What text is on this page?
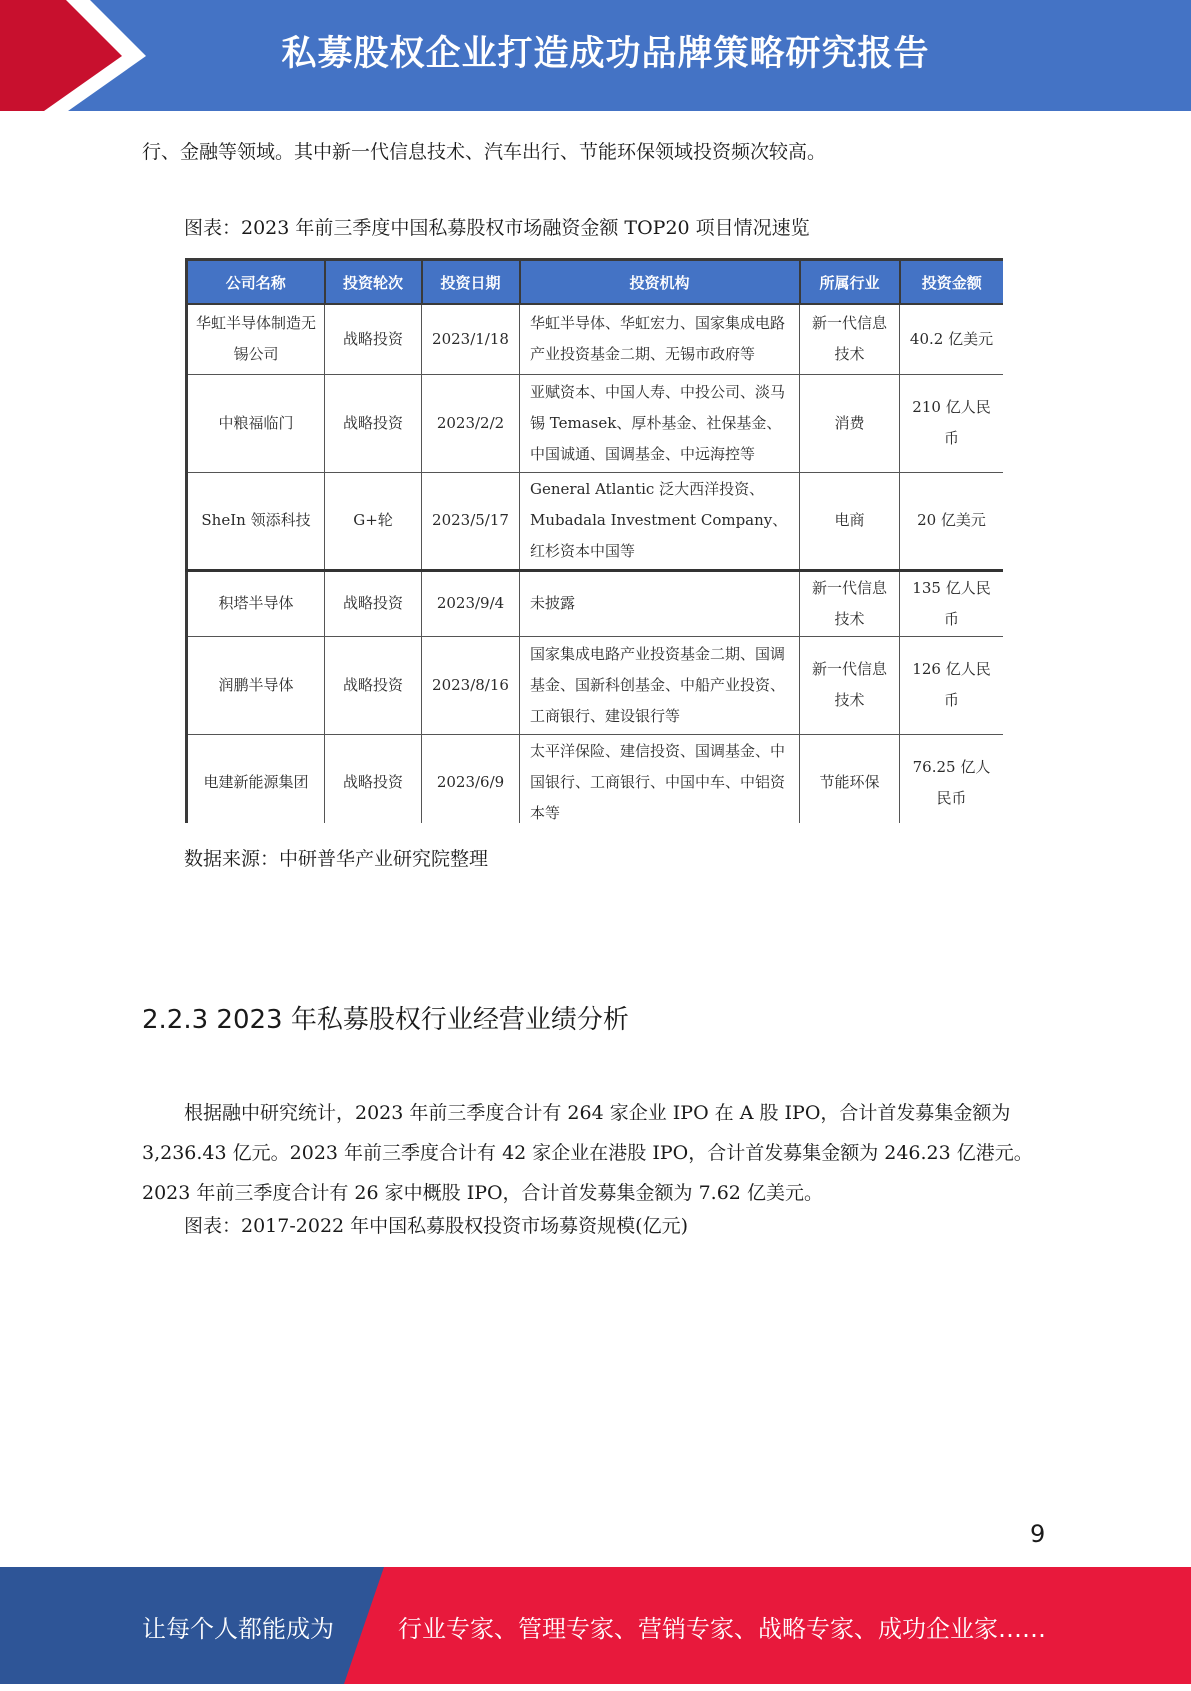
私募股权企业打造成功品牌策略研究报告

行、金融等领域。其中新一代信息技术、汽车出行、节能环保领域投资频次较高。

图表：2023 年前三季度中国私募股权市场融资金额 TOP20 项目情况速览
公司名称	投资轮次	投资日期	投资机构	所属行业	投资金额
华虹半导体制造无锡公司	战略投资	2023/1/18	华虹半导体、华虹宏力、国家集成电路产业投资基金二期、无锡市政府等	新一代信息技术	40.2 亿美元
中粮福临门	战略投资	2023/2/2	亚赋资本、中国人寿、中投公司、淡马锡 Temasek、厚朴基金、社保基金、中国诚通、国调基金、中远海控等	消费	210 亿人民币
SheIn 领添科技	G+轮	2023/5/17	General Atlantic 泛大西洋投资、Mubadala Investment Company、红杉资本中国等	电商	20 亿美元
积塔半导体	战略投资	2023/9/4	未披露	新一代信息技术	135 亿人民币
润鹏半导体	战略投资	2023/8/16	国家集成电路产业投资基金二期、国调基金、国新科创基金、中船产业投资、工商银行、建设银行等	新一代信息技术	126 亿人民币
电建新能源集团	战略投资	2023/6/9	太平洋保险、建信投资、国调基金、中国银行、工商银行、中国中车、中铝资本等	节能环保	76.25 亿人民币
数据来源：中研普华产业研究院整理
2.2.3 2023 年私募股权行业经营业绩分析

根据融中研究统计，2023 年前三季度合计有 264 家企业 IPO 在 A 股 IPO，合计首发募集金额为 3,236.43 亿元。2023 年前三季度合计有 42 家企业在港股 IPO，合计首发募集金额为 246.23 亿港元。2023 年前三季度合计有 26 家中概股 IPO，合计首发募集金额为 7.62 亿美元。

图表：2017-2022 年中国私募股权投资市场募资规模(亿元)
9
让每个人都能成为	行业专家、管理专家、营销专家、战略专家、成功企业家……
